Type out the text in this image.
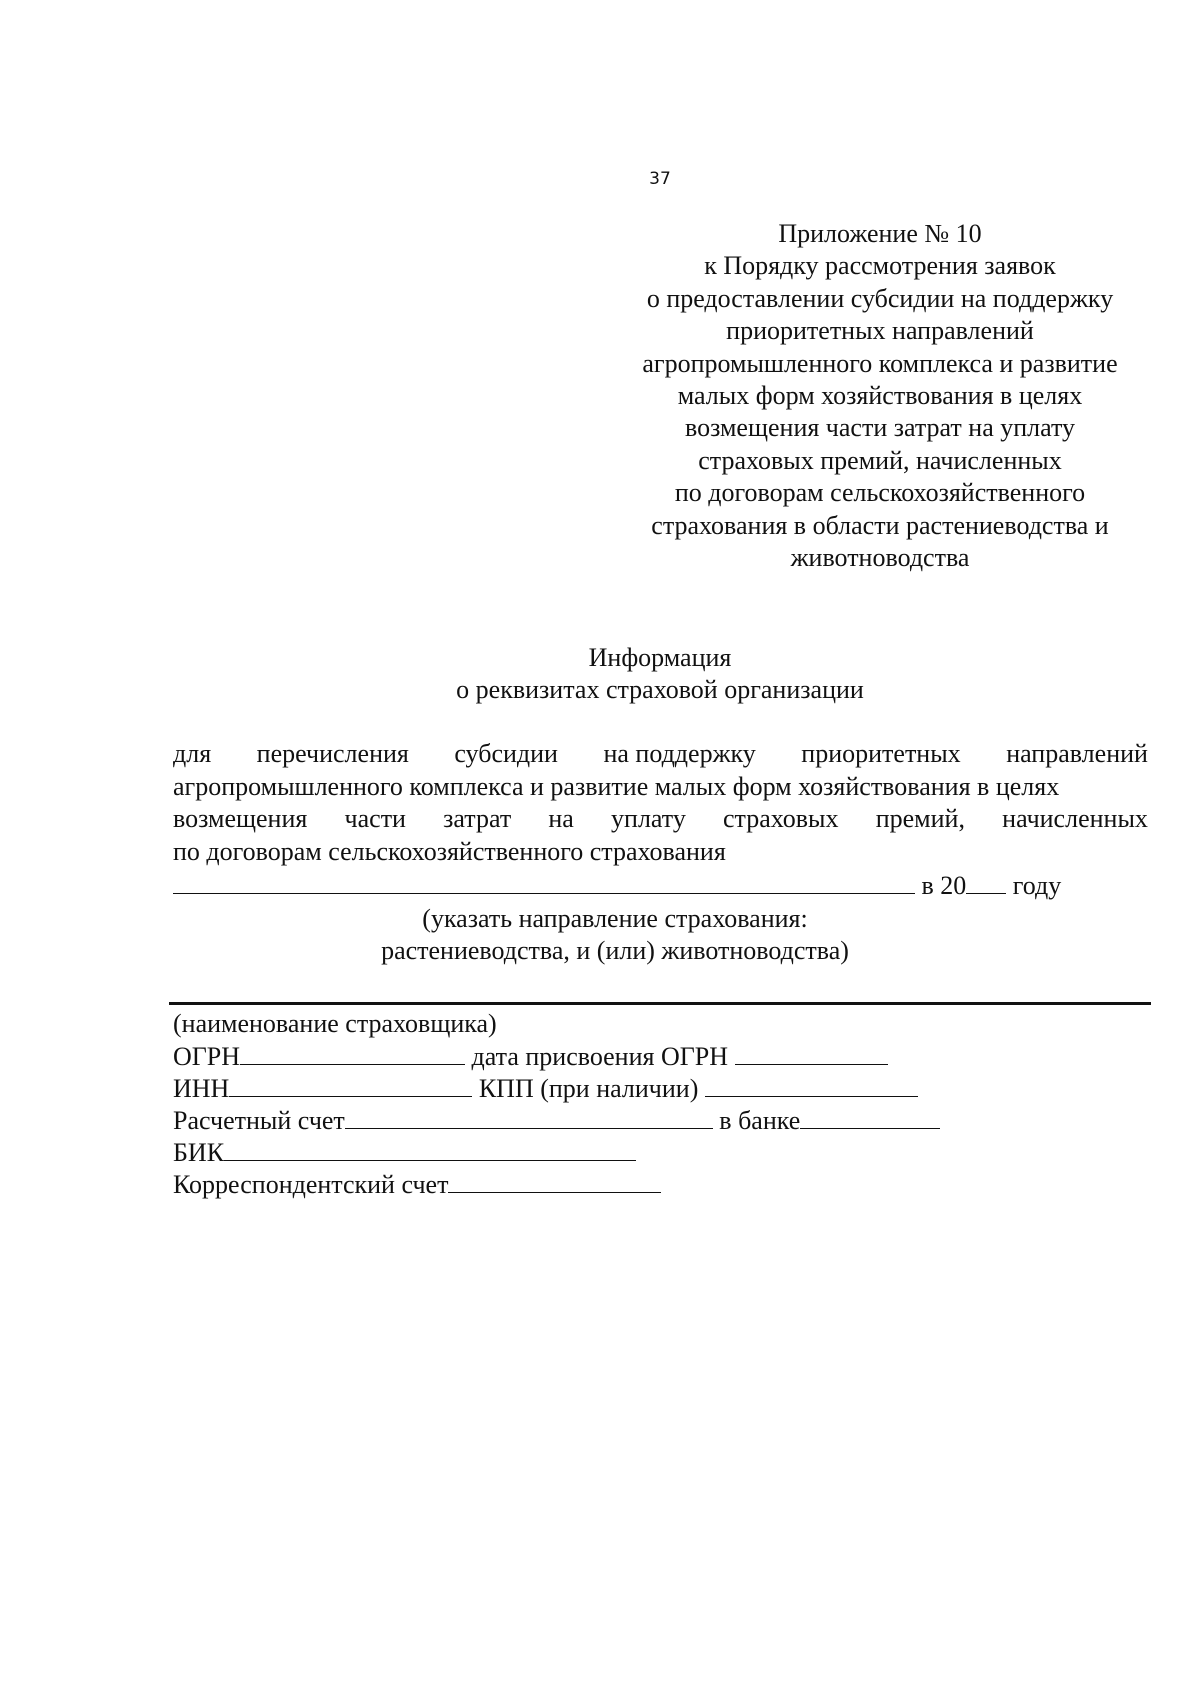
37
Приложение № 10
к Порядку рассмотрения заявок
о предоставлении субсидии на поддержку
приоритетных направлений
агропромышленного комплекса и развитие
малых форм хозяйствования в целях
возмещения части затрат на уплату
страховых премий, начисленных
по договорам сельскохозяйственного
страхования в области растениеводства и
животноводства
Информация
о реквизитах страховой организации
для перечисления субсидии на поддержку приоритетных направлений
агропромышленного комплекса и развитие малых форм хозяйствования в целях
возмещения части затрат на уплату страховых премий, начисленных
по договорам сельскохозяйственного страхования
в 20 году
(указать направление страхования:
растениеводства, и (или) животноводства)
(наименование страховщика)
ОГРН	дата присвоения ОГРН
ИНН	КПП (при наличии)
Расчетный счет	в банке
БИК
Корреспондентский счет
